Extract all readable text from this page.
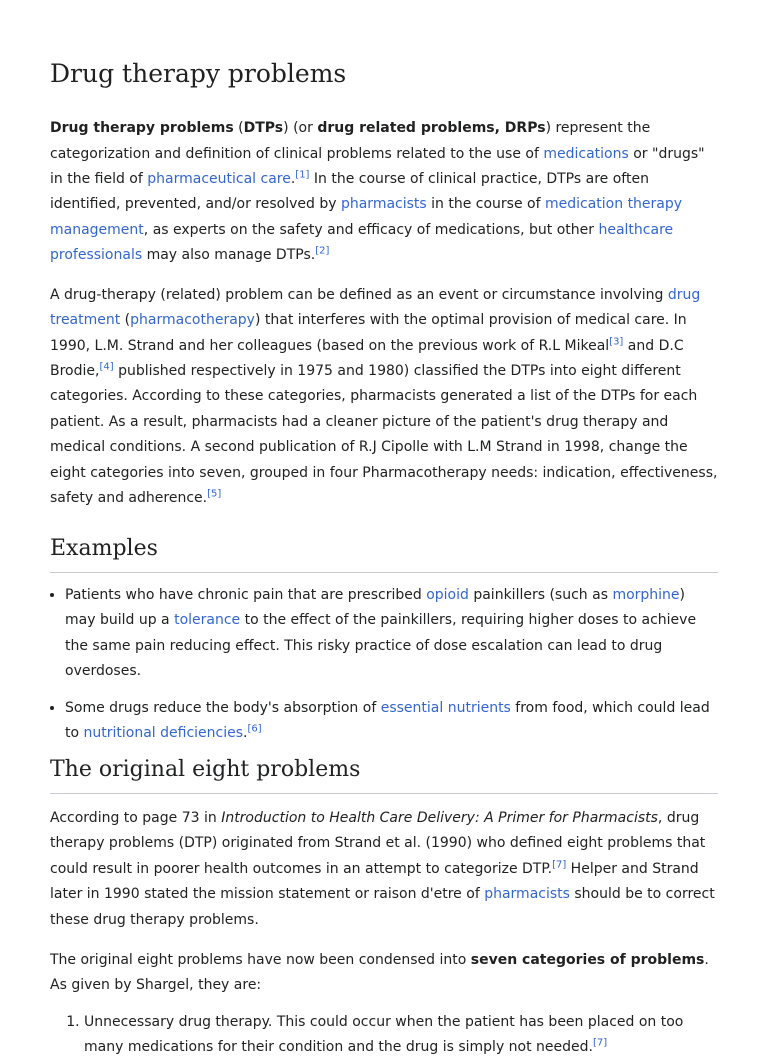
Drug therapy problems

Drug therapy problems (DTPs) (or drug related problems, DRPs) represent the categorization and definition of clinical problems related to the use of medications or "drugs" in the field of pharmaceutical care.[1] In the course of clinical practice, DTPs are often identified, prevented, and/or resolved by pharmacists in the course of medication therapy management, as experts on the safety and efficacy of medications, but other healthcare professionals may also manage DTPs.[2]

A drug-therapy (related) problem can be defined as an event or circumstance involving drug treatment (pharmacotherapy) that interferes with the optimal provision of medical care. In 1990, L.M. Strand and her colleagues (based on the previous work of R.L Mikeal[3] and D.C Brodie,[4] published respectively in 1975 and 1980) classified the DTPs into eight different categories. According to these categories, pharmacists generated a list of the DTPs for each patient. As a result, pharmacists had a cleaner picture of the patient's drug therapy and medical conditions. A second publication of R.J Cipolle with L.M Strand in 1998, change the eight categories into seven, grouped in four Pharmacotherapy needs: indication, effectiveness, safety and adherence.[5]

Examples
• Patients who have chronic pain that are prescribed opioid painkillers (such as morphine) may build up a tolerance to the effect of the painkillers, requiring higher doses to achieve the same pain reducing effect. This risky practice of dose escalation can lead to drug overdoses.
• Some drugs reduce the body's absorption of essential nutrients from food, which could lead to nutritional deficiencies.[6]
The original eight problems

According to page 73 in Introduction to Health Care Delivery: A Primer for Pharmacists, drug therapy problems (DTP) originated from Strand et al. (1990) who defined eight problems that could result in poorer health outcomes in an attempt to categorize DTP.[7] Helper and Strand later in 1990 stated the mission statement or raison d'etre of pharmacists should be to correct these drug therapy problems.

The original eight problems have now been condensed into seven categories of problems. As given by Shargel, they are:

1. Unnecessary drug therapy. This could occur when the patient has been placed on too many medications for their condition and the drug is simply not needed.[7]
